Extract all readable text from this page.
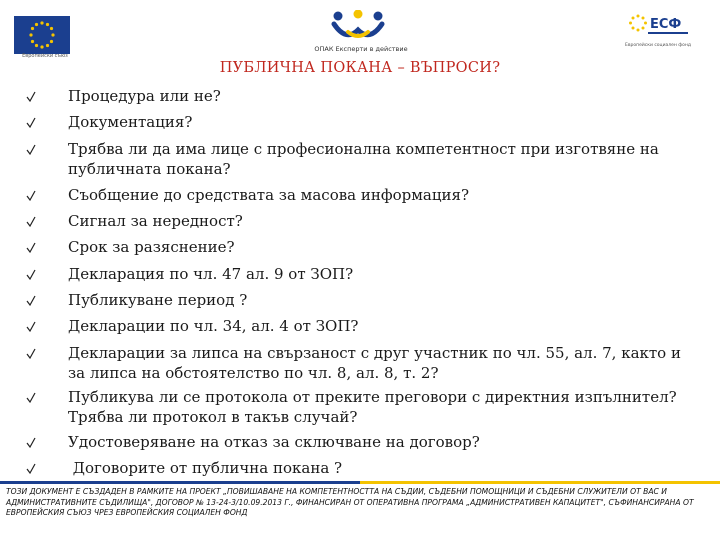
Европейски съюз
ОПАК Експерти в действие
ЕСФ
Европейски социален фонд
ПУБЛИЧНА ПОКАНА – ВЪПРОСИ?
Процедура или не?
Документация?
Трябва ли да има лице с професионална компетентност при изготвяне на публичната покана?
Съобщение до средствата за масова информация?
Сигнал за нередност?
Срок за разяснение?
Декларация по чл. 47 ал. 9 от ЗОП?
Публикуване период ?
Декларации по чл. 34, ал. 4 от ЗОП?
Декларации за липса на свързаност с друг участник по чл. 55, ал. 7, както и за липса на обстоятелство по чл. 8, ал. 8, т. 2?
Публикува ли се протокола от преките преговори с директния изпълнител? Трябва ли протокол в такъв случай?
Удостоверяване на отказ за сключване на договор?
Договорите от публична покана ?
ТОЗИ ДОКУМЕНТ Е СЪЗДАДЕН В РАМКИТЕ НА ПРОЕКТ „ПОВИШАВАНЕ НА КОМПЕТЕНТНОСТТА НА СЪДИИ, СЪДЕБНИ ПОМОЩНИЦИ И СЪДЕБНИ СЛУЖИТЕЛИ ОТ ВАС И АДМИНИСТРАТИВНИТЕ СЪДИЛИЩА", ДОГОВОР № 13-24-3/10.09.2013 Г., ФИНАНСИРАН ОТ ОПЕРАТИВНА ПРОГРАМА „АДМИНИСТРАТИВЕН КАПАЦИТЕТ", СЪФИНАНСИРАНА ОТ ЕВРОПЕЙСКИЯ СЪЮЗ ЧРЕЗ ЕВРОПЕЙСКИЯ СОЦИАЛЕН ФОНД
